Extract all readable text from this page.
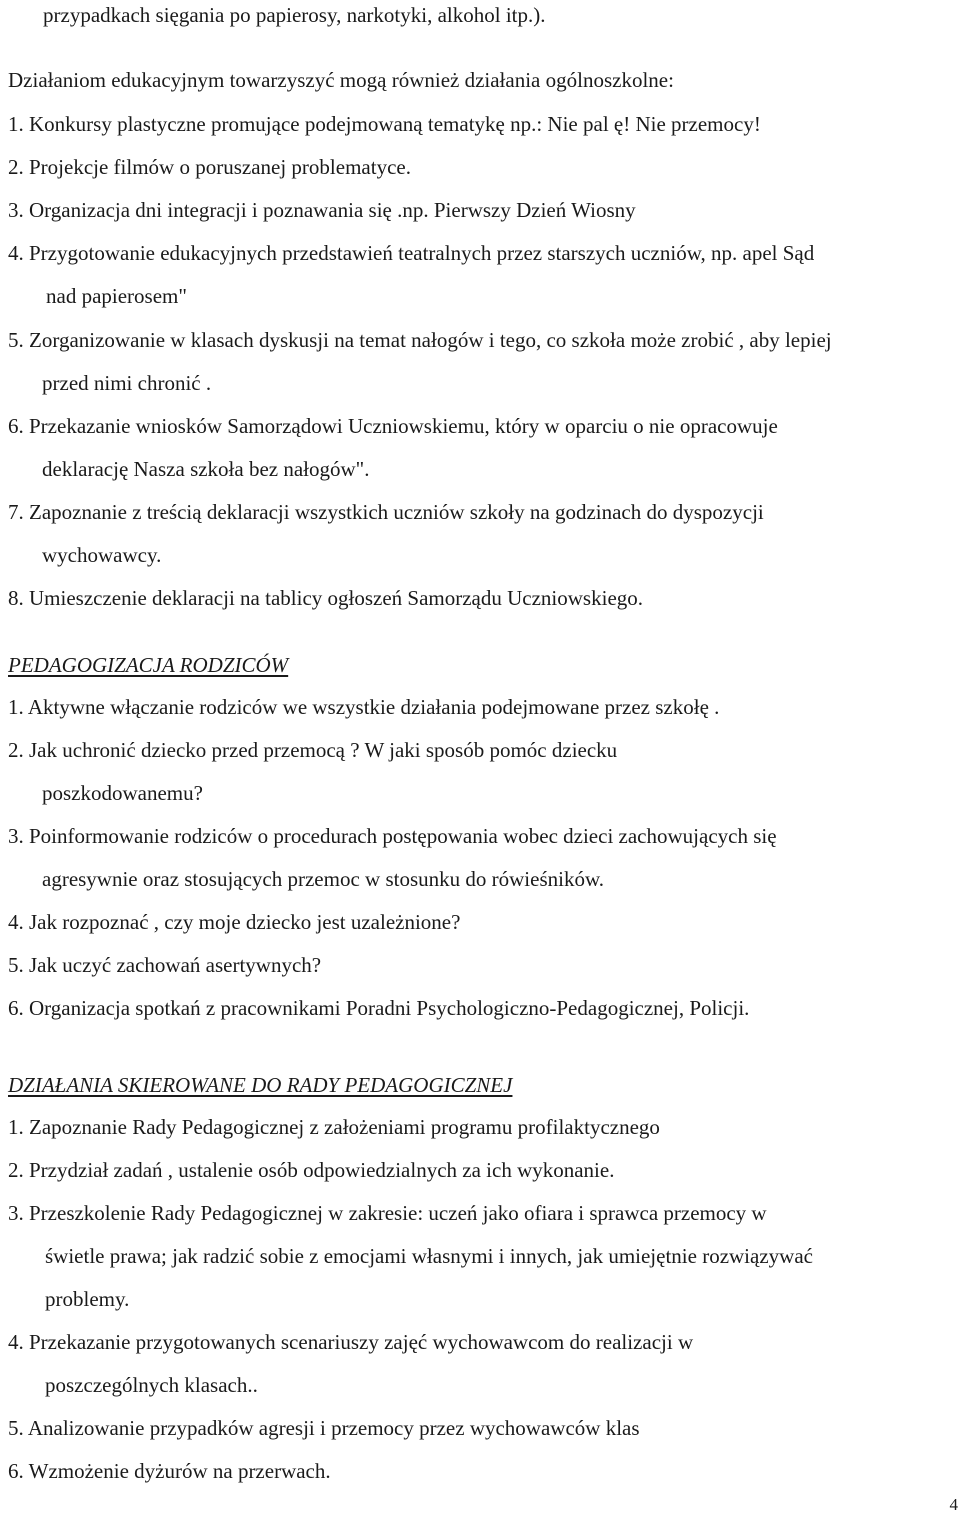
przypadkach sięgania po papierosy, narkotyki, alkohol itp.).
Działaniom edukacyjnym towarzyszyć mogą również działania ogólnoszkolne:
1. Konkursy plastyczne promujące podejmowaną tematykę np.: Nie pal ę! Nie przemocy!
2. Projekcje filmów o poruszanej problematyce.
3. Organizacja dni integracji i poznawania się .np. Pierwszy Dzień Wiosny
4. Przygotowanie edukacyjnych przedstawień teatralnych przez starszych uczniów, np. apel Sąd
nad papierosem"
5. Zorganizowanie w klasach dyskusji na temat nałogów i tego, co szkoła może zrobić , aby lepiej
przed nimi chronić .
6. Przekazanie wniosków Samorządowi Uczniowskiemu, który w oparciu o nie opracowuje
deklarację Nasza szkoła bez nałogów".
7. Zapoznanie z treścią deklaracji wszystkich uczniów szkoły na godzinach do dyspozycji
wychowawcy.
8. Umieszczenie deklaracji na tablicy ogłoszeń Samorządu Uczniowskiego.
PEDAGOGIZACJA RODZICÓW
1. Aktywne włączanie rodziców we wszystkie działania podejmowane przez szkołę .
2. Jak uchronić dziecko przed przemocą ? W jaki sposób pomóc dziecku
poszkodowanemu?
3. Poinformowanie rodziców o procedurach postępowania wobec dzieci zachowujących się
agresywnie oraz stosujących przemoc w stosunku do rówieśników.
4. Jak rozpoznać , czy moje dziecko jest uzależnione?
5. Jak uczyć zachowań asertywnych?
6. Organizacja spotkań z pracownikami Poradni Psychologiczno-Pedagogicznej, Policji.
DZIAŁANIA SKIEROWANE DO RADY PEDAGOGICZNEJ
1. Zapoznanie Rady Pedagogicznej z założeniami programu profilaktycznego
2. Przydział zadań , ustalenie osób odpowiedzialnych za ich wykonanie.
3. Przeszkolenie Rady Pedagogicznej w zakresie: uczeń jako ofiara i sprawca przemocy w
świetle prawa; jak radzić sobie z emocjami własnymi i innych, jak umiejętnie rozwiązywać
problemy.
4. Przekazanie przygotowanych scenariuszy zajęć wychowawcom do realizacji w
poszczególnych klasach..
5. Analizowanie przypadków agresji i przemocy przez wychowawców klas
6. Wzmożenie dyżurów na przerwach.
4
